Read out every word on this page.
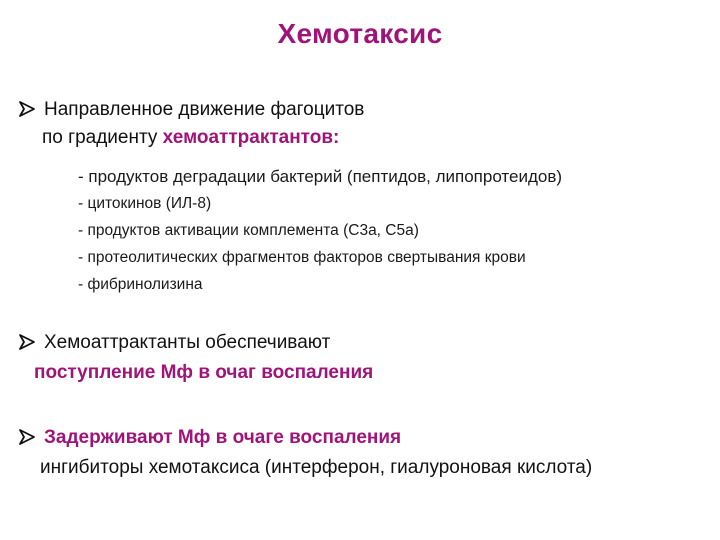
Хемотаксис
Направленное движение фагоцитов
по градиенту хемоаттрактантов:
- продуктов деградации бактерий (пептидов, липопротеидов)
- цитокинов (ИЛ-8)
- продуктов активации комплемента (С3а, С5а)
- протеолитических фрагментов факторов свертывания крови
- фибринолизина
Хемоаттрактанты обеспечивают
поступление Мф в очаг воспаления
Задерживают Мф в очаге воспаления
ингибиторы хемотаксиса (интерферон, гиалуроновая кислота)
